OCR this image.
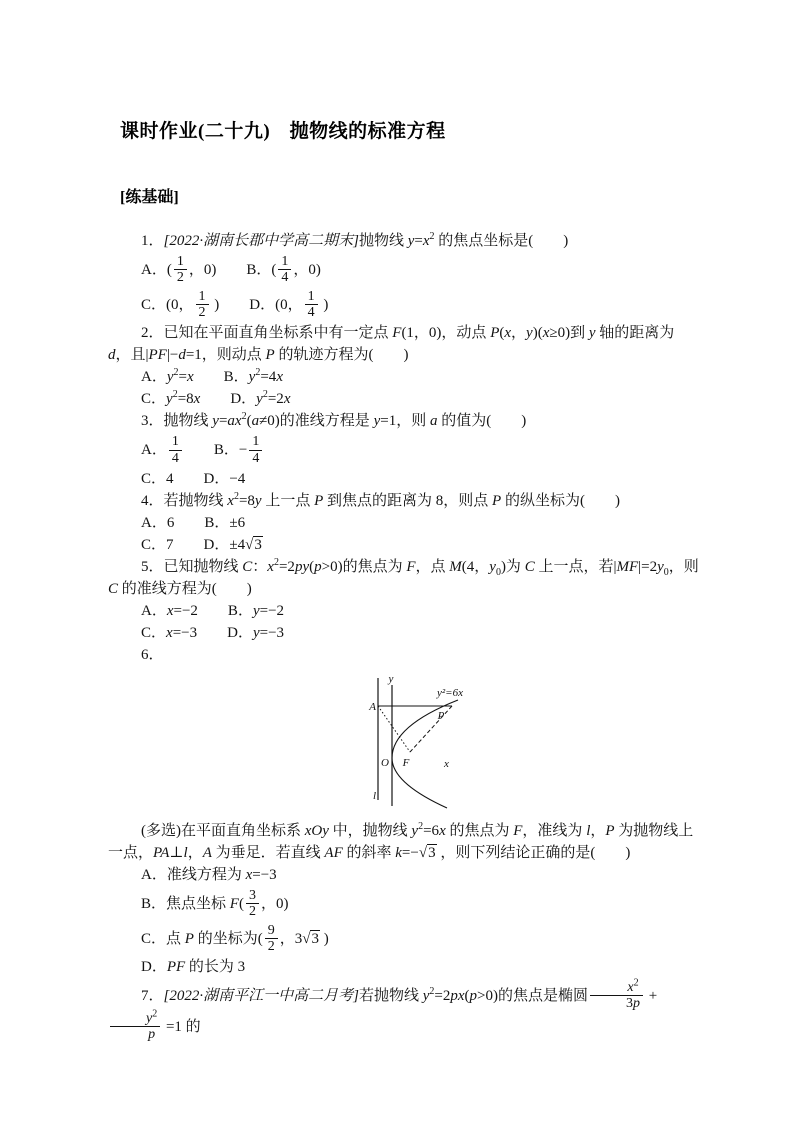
课时作业(二十九)　抛物线的标准方程
[练基础]

1．[2022·湖南长郡中学高二期末]抛物线 $y=x^2$ 的焦点坐标是(　　)

A．( $\frac{1}{2}$ ，0)　　B．( $\frac{1}{4}$ ，0)

C．(0， $\frac{1}{2}$ )　　D．(0， $\frac{1}{4}$ )

2．已知在平面直角坐标系中有一定点 F(1，0)，动点 P(x，y)(x≥0)到 y 轴的距离为 d，且|PF|−d=1，则动点 P 的轨迹方程为(　　)

A．$y^2=x$　　B．$y^2=4x$

C．$y^2=8x$　　D．$y^2=2x$

3．抛物线 $y=ax^2(a\ne 0)$的准线方程是 y=1，则 a 的值为(　　)

A． $\frac{1}{4}$ 　　B．− $\frac{1}{4}$

C．4　　D．−4

4．若抛物线 $x^2=8y$ 上一点 P 到焦点的距离为 8，则点 P 的纵坐标为(　　)

A．6　　B．±6

C．7　　D．±4√3

5．已知抛物线 C：$x^2=2py(p>0)$的焦点为 F，点 M(4，$y_0$)为 C 上一点，若$|MF|=2y_0$，则 C 的准线方程为(　　)

A．x=−2　　B．y=−2

C．x=−3　　D．y=−3

6．

y
y²=6x
A
P
O F	x
l

(多选)在平面直角坐标系 xOy 中，抛物线 $y^2=6x$ 的焦点为 F，准线为 l，P 为抛物线上一点，PA⊥l，A 为垂足．若直线 AF 的斜率 k=−√3 ，则下列结论正确的是(　　)

A．准线方程为 x=−3

B．焦点坐标 $F( \frac{3}{2}$ ，0)

C．点 P 的坐标为( $\frac{9}{2}$ ，3√3 )

D．PF 的长为 3

7．[2022·湖南平江一中高二月考]若抛物线 $y^2=2px(p>0)$的焦点是椭圆 $\frac{x^2}{3p}$ +
$\frac{y^2}{p} =1$ 的
